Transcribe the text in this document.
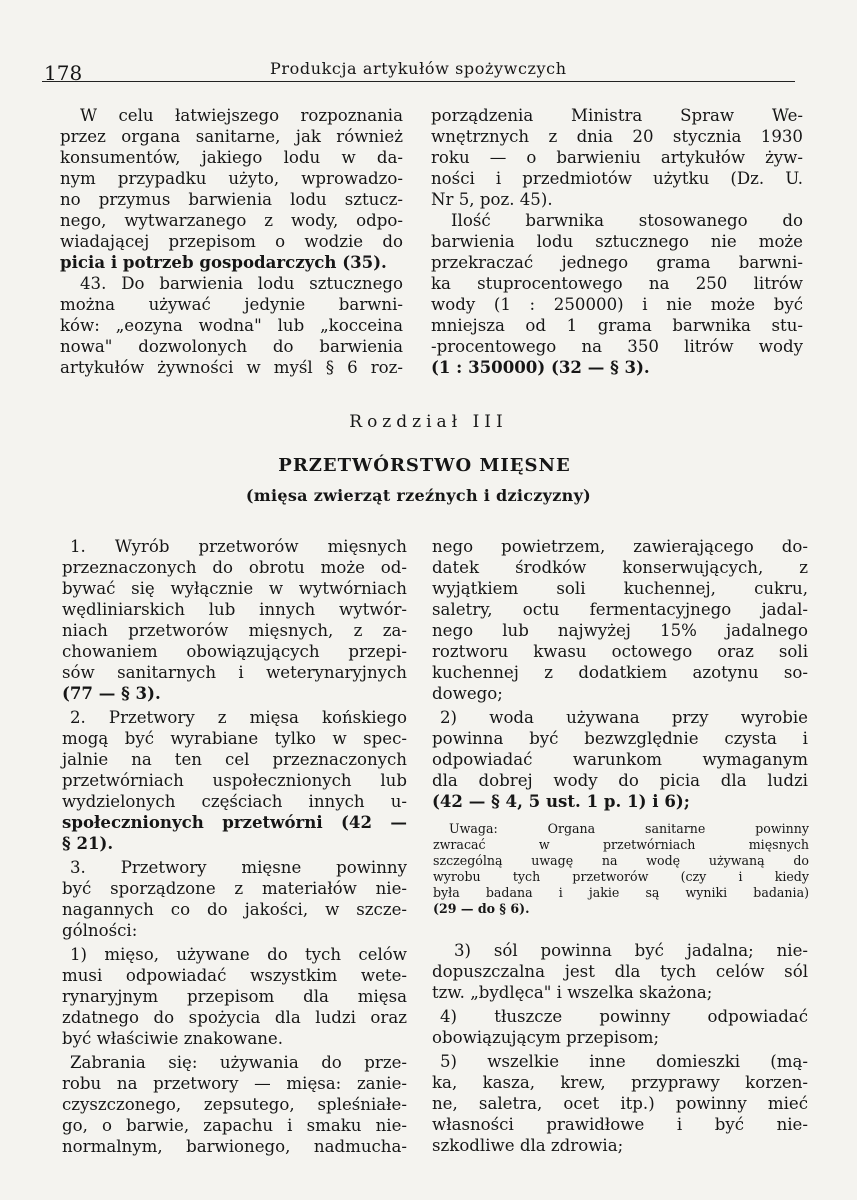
178	Produkcja artykułów spożywczych
W celu łatwiejszego rozpoznania
przez organa sanitarne, jak również
konsumentów, jakiego lodu w da-
nym przypadku użyto, wprowadzo-
no przymus barwienia lodu sztucz-
nego, wytwarzanego z wody, odpo-
wiadającej przepisom o wodzie do
picia i potrzeb gospodarczych (35).
43. Do barwienia lodu sztucznego
można używać jedynie barwni-
ków: „eozyna wodna" lub „kocceina
nowa" dozwolonych do barwienia
artykułów żywności w myśl § 6 roz-
porządzenia Ministra Spraw We-
wnętrznych z dnia 20 stycznia 1930
roku — o barwieniu artykułów żyw-
ności i przedmiotów użytku (Dz. U.
Nr 5, poz. 45).
Ilość barwnika stosowanego do
barwienia lodu sztucznego nie może
przekraczać jednego grama barwni-
ka stuprocentowego na 250 litrów
wody (1 : 250000) i nie może być
mniejsza od 1 grama barwnika stu-
-procentowego na 350 litrów wody
(1 : 350000) (32 — § 3).
Rozdział III
PRZETWÓRSTWO MIĘSNE
(mięsa zwierząt rzeźnych i dziczyzny)
1. Wyrób przetworów mięsnych
przeznaczonych do obrotu może od-
bywać się wyłącznie w wytwórniach
wędliniarskich lub innych wytwór-
niach przetworów mięsnych, z za-
chowaniem obowiązujących przepi-
sów sanitarnych i weterynaryjnych
(77 — § 3).
2. Przetwory z mięsa końskiego
mogą być wyrabiane tylko w spec-
jalnie na ten cel przeznaczonych
przetwórniach uspołecznionych lub
wydzielonych częściach innych u-
społecznionych przetwórni (42 —
§ 21).
3. Przetwory mięsne powinny
być sporządzone z materiałów nie-
nagannych co do jakości, w szcze-
gólności:
1) mięso, używane do tych celów
musi odpowiadać wszystkim wete-
rynaryjnym przepisom dla mięsa
zdatnego do spożycia dla ludzi oraz
być właściwie znakowane.
Zabrania się: używania do prze-
robu na przetwory — mięsa: zanie-
czyszczonego, zepsutego, spleśniałe-
go, o barwie, zapachu i smaku nie-
normalnym, barwionego, nadmucha-
nego powietrzem, zawierającego do-
datek środków konserwujących, z
wyjątkiem soli kuchennej, cukru,
saletry, octu fermentacyjnego jadal-
nego lub najwyżej 15% jadalnego
roztworu kwasu octowego oraz soli
kuchennej z dodatkiem azotynu so-
dowego;
2) woda używana przy wyrobie
powinna być bezwzględnie czysta i
odpowiadać warunkom wymaganym
dla dobrej wody do picia dla ludzi
(42 — § 4, 5 ust. 1 p. 1) i 6);
Uwaga: Organa sanitarne powinny
zwracać w przetwórniach mięsnych
szczególną uwagę na wodę używaną do
wyrobu tych przetworów (czy i kiedy
była badana i jakie są wyniki badania)
(29 — do § 6).
3) sól powinna być jadalna; nie-
dopuszczalna jest dla tych celów sól
tzw. „bydlęca" i wszelka skażona;
4) tłuszcze powinny odpowiadać
obowiązującym przepisom;
5) wszelkie inne domieszki (mą-
ka, kasza, krew, przyprawy korzen-
ne, saletra, ocet itp.) powinny mieć
własności prawidłowe i być nie-
szkodliwe dla zdrowia;
